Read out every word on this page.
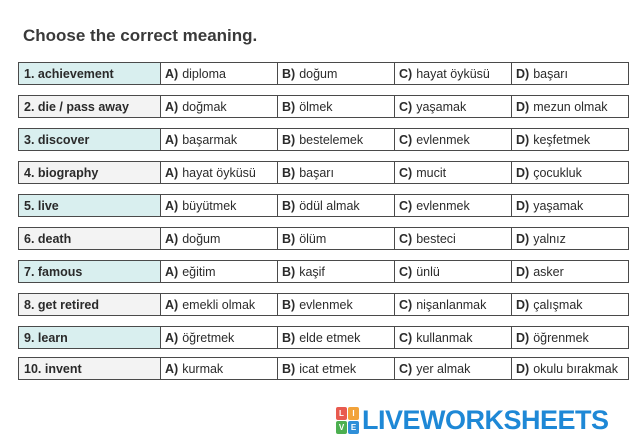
Choose the correct meaning.
1. achievement	A) diploma	B) doğum	C) hayat öyküsü D) başarı
2. die / pass away	A) doğmak	B) ölmek	C) yaşamak	D) mezun olmak
3. discover	A) başarmak	B) bestelemek	C) evlenmek	D) keşfetmek
4. biography	A) hayat öyküsü B) başarı	C) mucit	D) çocukluk
5. live	A) büyütmek	B) ödül almak	C) evlenmek	D) yaşamak
6. death	A) doğum	B) ölüm	C) besteci	D) yalnız
7. famous	A) eğitim	B) kaşif	C) ünlü	D) asker
8. get retired	A) emekli olmak B) evlenmek	C) nişanlanmak D) çalışmak
9. learn	A) öğretmek	B) elde etmek	C) kullanmak	D) öğrenmek
10. invent	A) kurmak	B) icat etmek	C) yer almak	D) okulu bırakmak
L	I
V E LIVEWORKSHEETS
